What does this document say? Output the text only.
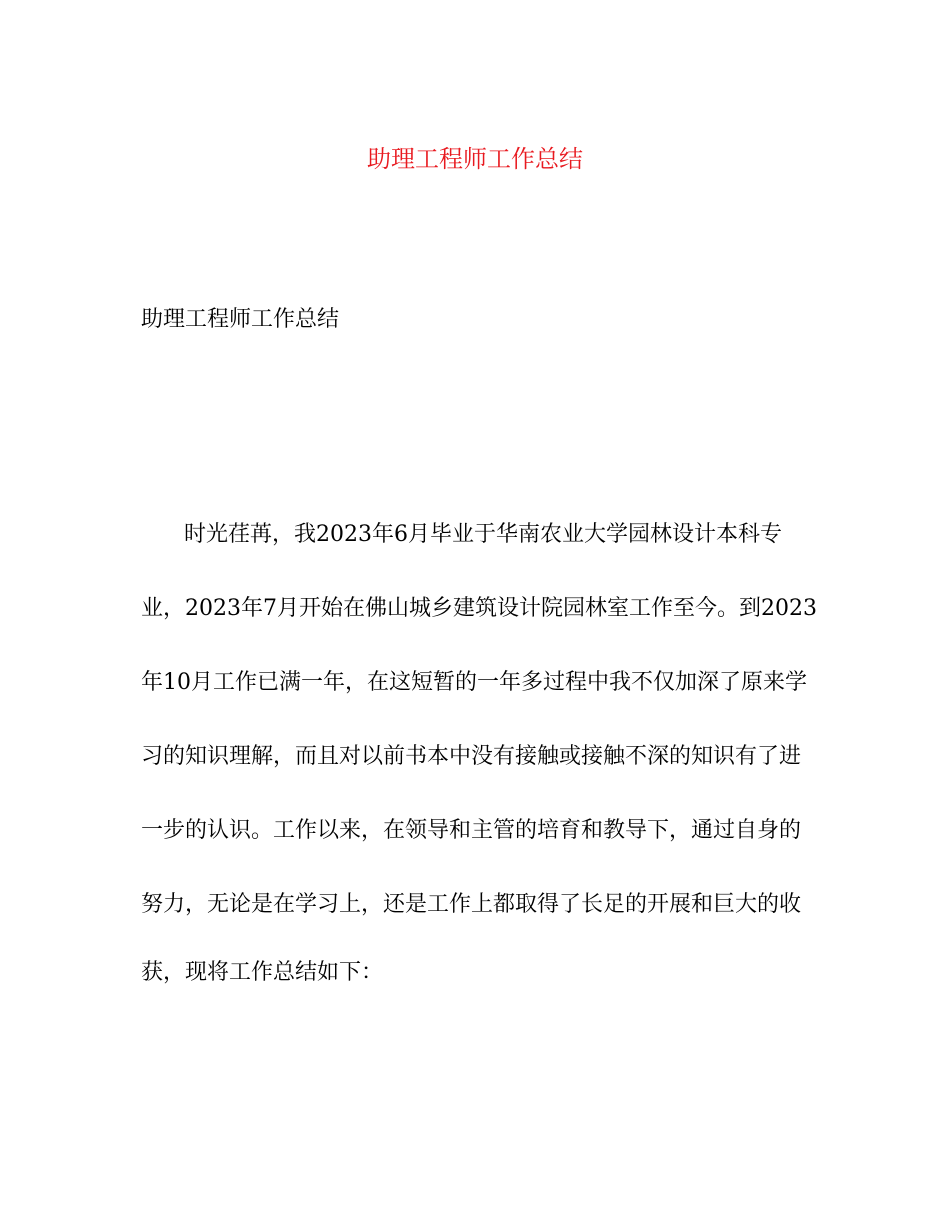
助理工程师工作总结
助理工程师工作总结
时光荏苒，我2023年6月毕业于华南农业大学园林设计本科专
业，2023年7月开始在佛山城乡建筑设计院园林室工作至今。到2023
年10月工作已满一年，在这短暂的一年多过程中我不仅加深了原来学
习的知识理解，而且对以前书本中没有接触或接触不深的知识有了进
一步的认识。工作以来，在领导和主管的培育和教导下，通过自身的
努力，无论是在学习上，还是工作上都取得了长足的开展和巨大的收
获，现将工作总结如下：
